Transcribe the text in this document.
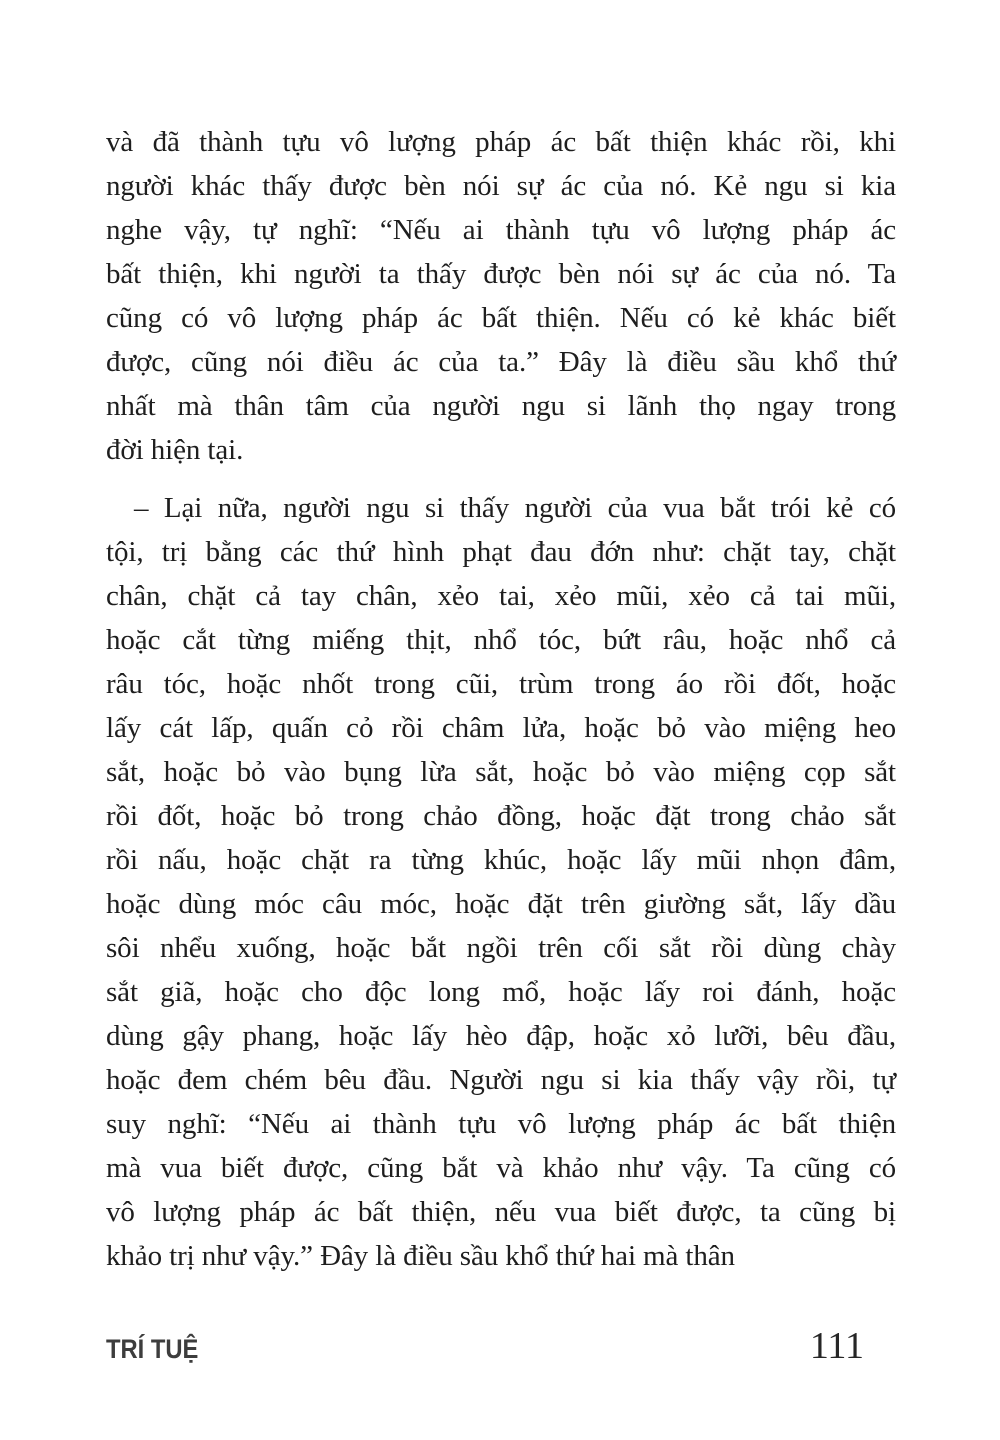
và đã thành tựu vô lượng pháp ác bất thiện khác rồi, khi
người khác thấy được bèn nói sự ác của nó. Kẻ ngu si kia
nghe vậy, tự nghĩ: “Nếu ai thành tựu vô lượng pháp ác
bất thiện, khi người ta thấy được bèn nói sự ác của nó. Ta
cũng có vô lượng pháp ác bất thiện. Nếu có kẻ khác biết
được, cũng nói điều ác của ta.” Đây là điều sầu khổ thứ
nhất mà thân tâm của người ngu si lãnh thọ ngay trong
đời hiện tại.
– Lại nữa, người ngu si thấy người của vua bắt trói kẻ có
tội, trị bằng các thứ hình phạt đau đớn như: chặt tay, chặt
chân, chặt cả tay chân, xẻo tai, xẻo mũi, xẻo cả tai mũi,
hoặc cắt từng miếng thịt, nhổ tóc, bứt râu, hoặc nhổ cả
râu tóc, hoặc nhốt trong cũi, trùm trong áo rồi đốt, hoặc
lấy cát lấp, quấn cỏ rồi châm lửa, hoặc bỏ vào miệng heo
sắt, hoặc bỏ vào bụng lừa sắt, hoặc bỏ vào miệng cọp sắt
rồi đốt, hoặc bỏ trong chảo đồng, hoặc đặt trong chảo sắt
rồi nấu, hoặc chặt ra từng khúc, hoặc lấy mũi nhọn đâm,
hoặc dùng móc câu móc, hoặc đặt trên giường sắt, lấy dầu
sôi nhểu xuống, hoặc bắt ngồi trên cối sắt rồi dùng chày
sắt giã, hoặc cho độc long mổ, hoặc lấy roi đánh, hoặc
dùng gậy phang, hoặc lấy hèo đập, hoặc xỏ lưỡi, bêu đầu,
hoặc đem chém bêu đầu. Người ngu si kia thấy vậy rồi, tự
suy nghĩ: “Nếu ai thành tựu vô lượng pháp ác bất thiện
mà vua biết được, cũng bắt và khảo như vậy. Ta cũng có
vô lượng pháp ác bất thiện, nếu vua biết được, ta cũng bị
khảo trị như vậy.” Đây là điều sầu khổ thứ hai mà thân
TRÍ TUỆ	111
